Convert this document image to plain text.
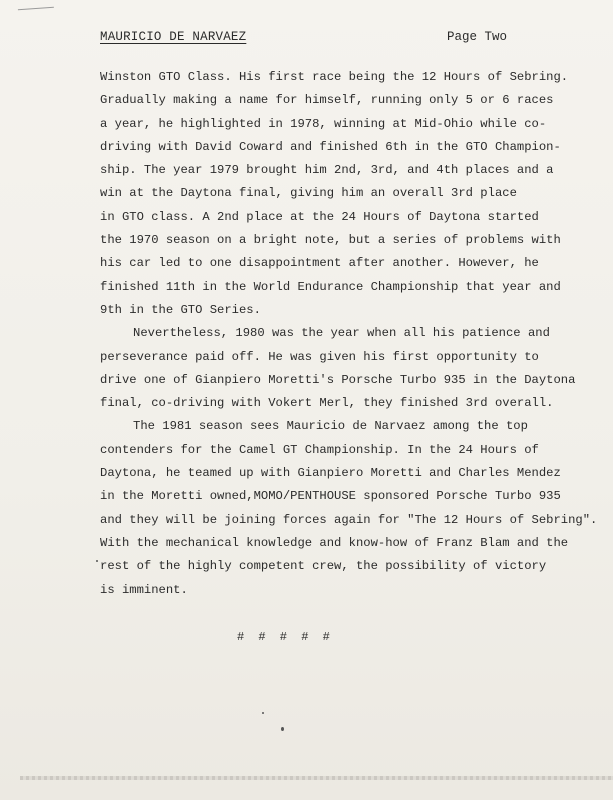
MAURICIO DE NARVAEZ	Page Two
Winston GTO Class. His first race being the 12 Hours of Sebring.
Gradually making a name for himself, running only 5 or 6 races
a year, he highlighted in 1978, winning at Mid-Ohio while co-
driving with David Coward and finished 6th in the GTO Champion-
ship. The year 1979 brought him 2nd, 3rd, and 4th places and a
win at the Daytona final, giving him an overall 3rd place
in GTO class. A 2nd place at the 24 Hours of Daytona started
the 1970 season on a bright note, but a series of problems with
his car led to one disappointment after another. However, he
finished 11th in the World Endurance Championship that year and
9th in the GTO Series.
Nevertheless, 1980 was the year when all his patience and
perseverance paid off. He was given his first opportunity to
drive one of Gianpiero Moretti's Porsche Turbo 935 in the Daytona
final, co-driving with Vokert Merl, they finished 3rd overall.
The 1981 season sees Mauricio de Narvaez among the top
contenders for the Camel GT Championship. In the 24 Hours of
Daytona, he teamed up with Gianpiero Moretti and Charles Mendez
in the Moretti owned,MOMO/PENTHOUSE sponsored Porsche Turbo 935
and they will be joining forces again for "The 12 Hours of Sebring".
With the mechanical knowledge and know-how of Franz Blam and the
rest of the highly competent crew, the possibility of victory
is imminent.
# # # # #
